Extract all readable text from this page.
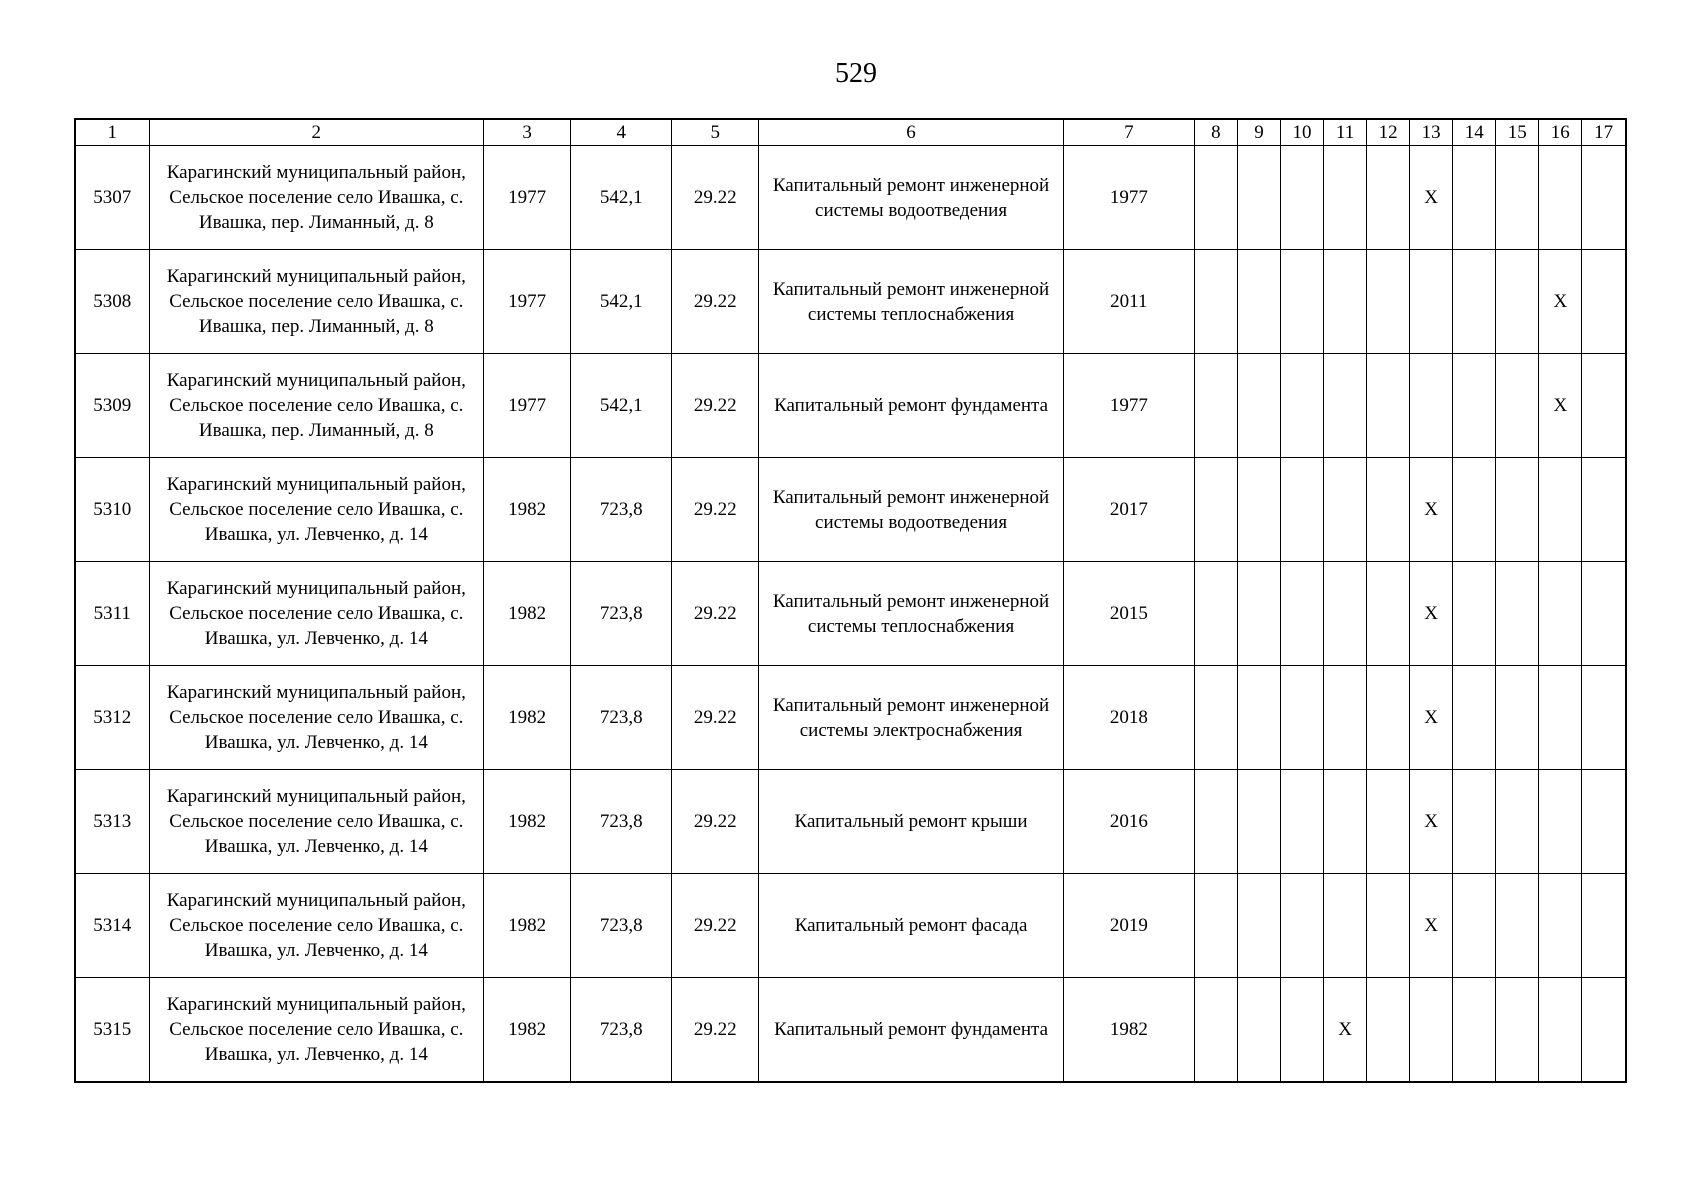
529
1	2	3	4	5	6	7	8	9	10	11	12	13	14	15	16	17
5307	Карагинский муниципальный район, Сельское поселение село Ивашка, с. Ивашка, пер. Лиманный, д. 8	1977	542,1	29.22	Капитальный ремонт инженерной системы водоотведения	1977						X				
5308	Карагинский муниципальный район, Сельское поселение село Ивашка, с. Ивашка, пер. Лиманный, д. 8	1977	542,1	29.22	Капитальный ремонт инженерной системы теплоснабжения	2011									X	
5309	Карагинский муниципальный район, Сельское поселение село Ивашка, с. Ивашка, пер. Лиманный, д. 8	1977	542,1	29.22	Капитальный ремонт фундамента	1977									X	
5310	Карагинский муниципальный район, Сельское поселение село Ивашка, с. Ивашка, ул. Левченко, д. 14	1982	723,8	29.22	Капитальный ремонт инженерной системы водоотведения	2017						X				
5311	Карагинский муниципальный район, Сельское поселение село Ивашка, с. Ивашка, ул. Левченко, д. 14	1982	723,8	29.22	Капитальный ремонт инженерной системы теплоснабжения	2015						X				
5312	Карагинский муниципальный район, Сельское поселение село Ивашка, с. Ивашка, ул. Левченко, д. 14	1982	723,8	29.22	Капитальный ремонт инженерной системы электроснабжения	2018						X				
5313	Карагинский муниципальный район, Сельское поселение село Ивашка, с. Ивашка, ул. Левченко, д. 14	1982	723,8	29.22	Капитальный ремонт крыши	2016						X				
5314	Карагинский муниципальный район, Сельское поселение село Ивашка, с. Ивашка, ул. Левченко, д. 14	1982	723,8	29.22	Капитальный ремонт фасада	2019						X				
5315	Карагинский муниципальный район, Сельское поселение село Ивашка, с. Ивашка, ул. Левченко, д. 14	1982	723,8	29.22	Капитальный ремонт фундамента	1982				X						
